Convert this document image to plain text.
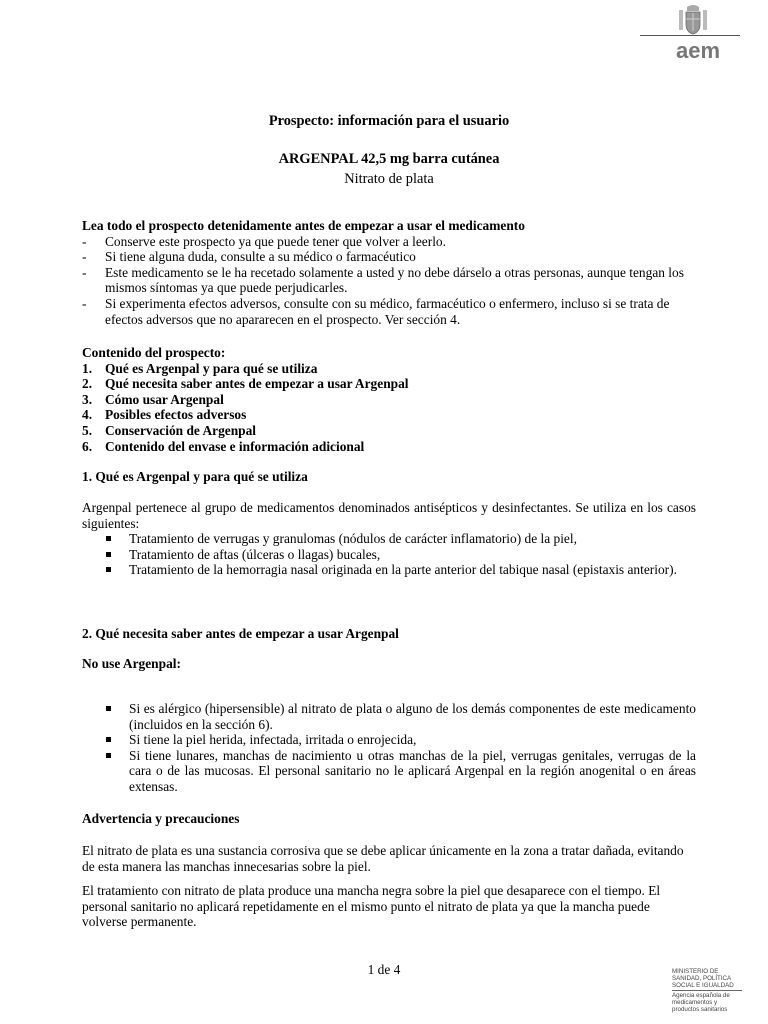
aem
Prospecto: información para el usuario
ARGENPAL 42,5 mg barra cutánea
Nitrato de plata
Lea todo el prospecto detenidamente antes de empezar a usar el medicamento
- Conserve este prospecto ya que puede tener que volver a leerlo.
- Si tiene alguna duda, consulte a su médico o farmacéutico
- Este medicamento se le ha recetado solamente a usted y no debe dárselo a otras personas, aunque tengan los mismos síntomas ya que puede perjudicarles.
- Si experimenta efectos adversos, consulte con su médico, farmacéutico o enfermero, incluso si se trata de efectos adversos que no apararecen en el prospecto. Ver sección 4.
Contenido del prospecto:
1. Qué es Argenpal y para qué se utiliza
2. Qué necesita saber antes de empezar a usar Argenpal
3. Cómo usar Argenpal
4. Posibles efectos adversos
5. Conservación de Argenpal
6. Contenido del envase e información adicional
1. Qué es Argenpal y para qué se utiliza
Argenpal pertenece al grupo de medicamentos denominados antisépticos y desinfectantes. Se utiliza en los casos siguientes:
Tratamiento de verrugas y granulomas (nódulos de carácter inflamatorio) de la piel,
Tratamiento de aftas (úlceras o llagas) bucales,
Tratamiento de la hemorragia nasal originada en la parte anterior del tabique nasal (epistaxis anterior).
2. Qué necesita saber antes de empezar a usar Argenpal
No use Argenpal:
Si es alérgico (hipersensible) al nitrato de plata o alguno de los demás componentes de este medicamento (incluidos en la sección 6).
Si tiene la piel herida, infectada, irritada o enrojecida,
Si tiene lunares, manchas de nacimiento u otras manchas de la piel, verrugas genitales, verrugas de la cara o de las mucosas. El personal sanitario no le aplicará Argenpal en la región anogenital o en áreas extensas.
Advertencia y precauciones
El nitrato de plata es una sustancia corrosiva que se debe aplicar únicamente en la zona a tratar dañada, evitando de esta manera las manchas innecesarias sobre la piel.
El tratamiento con nitrato de plata produce una mancha negra sobre la piel que desaparece con el tiempo. El personal sanitario no aplicará repetidamente en el mismo punto el nitrato de plata ya que la mancha puede volverse permanente.
1 de 4	MINISTERIO DE
SANIDAD, POLÍTICA
SOCIAL E IGUALDAD
Agencia española de
medicamentos y
productos sanitarios
